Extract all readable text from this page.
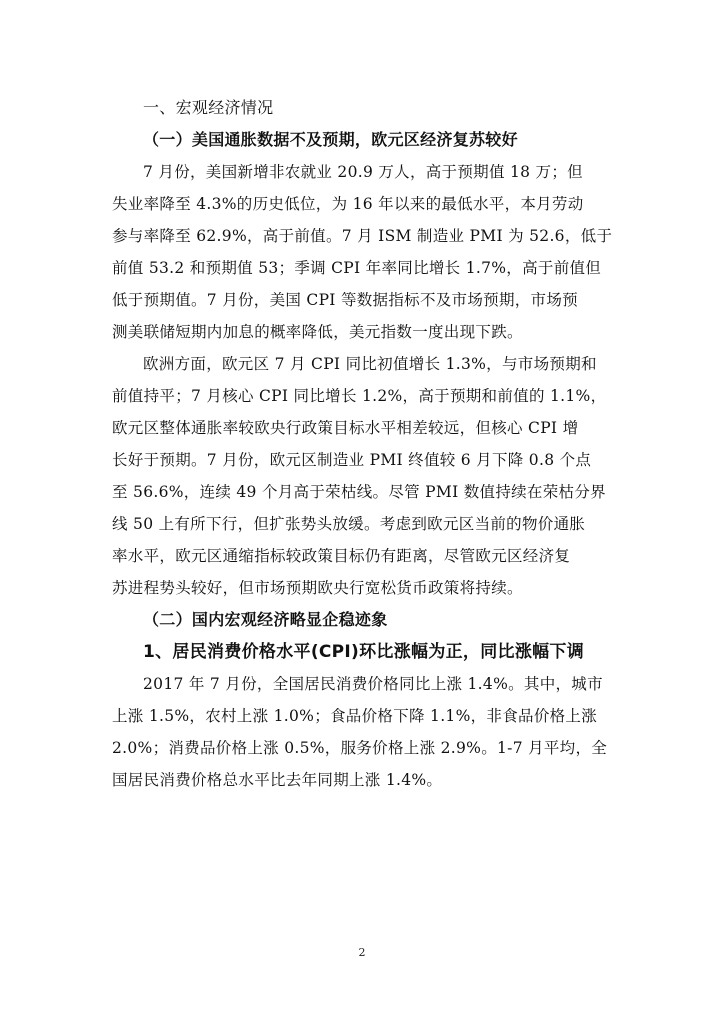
一、宏观经济情况
（一）美国通胀数据不及预期，欧元区经济复苏较好
7 月份，美国新增非农就业 20.9 万人，高于预期值 18 万；但
失业率降至 4.3%的历史低位，为 16 年以来的最低水平，本月劳动
参与率降至 62.9%，高于前值。7 月 ISM 制造业 PMI 为 52.6，低于
前值 53.2 和预期值 53；季调 CPI 年率同比增长 1.7%，高于前值但
低于预期值。7 月份，美国 CPI 等数据指标不及市场预期，市场预
测美联储短期内加息的概率降低，美元指数一度出现下跌。
欧洲方面，欧元区 7 月 CPI 同比初值增长 1.3%，与市场预期和
前值持平；7 月核心 CPI 同比增长 1.2%，高于预期和前值的 1.1%，
欧元区整体通胀率较欧央行政策目标水平相差较远，但核心 CPI 增
长好于预期。7 月份，欧元区制造业 PMI 终值较 6 月下降 0.8 个点
至 56.6%，连续 49 个月高于荣枯线。尽管 PMI 数值持续在荣枯分界
线 50 上有所下行，但扩张势头放缓。考虑到欧元区当前的物价通胀
率水平，欧元区通缩指标较政策目标仍有距离，尽管欧元区经济复
苏进程势头较好，但市场预期欧央行宽松货币政策将持续。
（二）国内宏观经济略显企稳迹象
1、居民消费价格水平(CPI)环比涨幅为正，同比涨幅下调
2017 年 7 月份，全国居民消费价格同比上涨 1.4%。其中，城市
上涨 1.5%，农村上涨 1.0%；食品价格下降 1.1%，非食品价格上涨
2.0%；消费品价格上涨 0.5%，服务价格上涨 2.9%。1-7 月平均，全
国居民消费价格总水平比去年同期上涨 1.4%。
2
